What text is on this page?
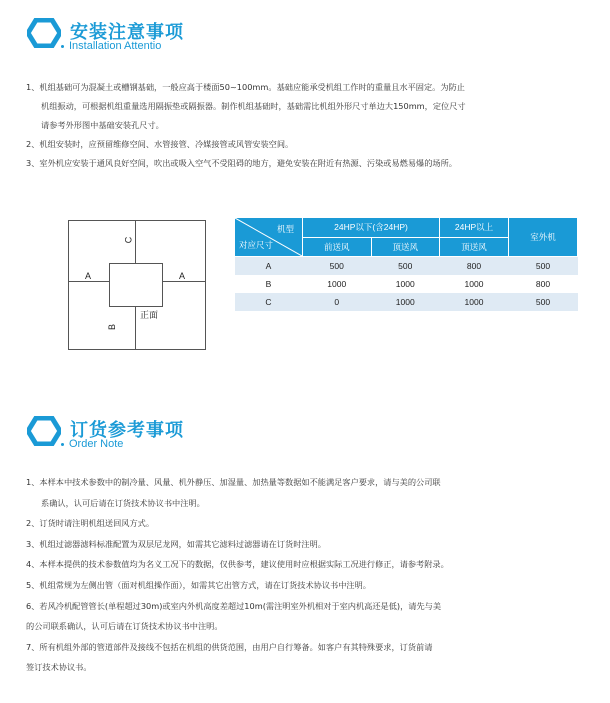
安装注意事项
Installation Attentio

1、机组基础可为混凝土或槽钢基础，一般应高于楼面50~100mm。基础应能承受机组工作时的重量且水平固定。为防止

机组振动，可根据机组重量选用隔振垫或隔振器。制作机组基础时，基础需比机组外形尺寸单边大150mm，定位尺寸

请参考外形图中基础安装孔尺寸。

2、机组安装时，应预留维修空间、水管接管、冷媒接管或风管安装空间。

3、室外机应安装于通风良好空间，吹出或吸入空气不受阻碍的地方，避免安装在附近有热源、污染或易燃易爆的场所。

A	A
C
B
正面
机型
对应尺寸	24HP以下(含24HP)		24HP以上	室外机
	前送风	顶送风	顶送风	
A	500	500	800	500
B	1000	1000	1000	800
C	0	1000	1000	500
订货参考事项
Order Note

1、本样本中技术参数中的制冷量、风量、机外静压、加湿量、加热量等数据如不能满足客户要求，请与美的公司联

系确认，认可后请在订货技术协议书中注明。

2、订货时请注明机组送回风方式。

3、机组过滤器滤料标准配置为双层尼龙网，如需其它滤料过滤器请在订货时注明。

4、本样本提供的技术参数值均为名义工况下的数据，仅供参考，建议使用时应根据实际工况进行修正，请参考附录。

5、机组常规为左侧出管（面对机组操作面），如需其它出管方式，请在订货技术协议书中注明。

6、若风冷机配管管长(单程超过30m)或室内外机高度差超过10m(需注明室外机相对于室内机高还是低)，请先与美

的公司联系确认，认可后请在订货技术协议书中注明。

7、所有机组外部的管道部件及接线不包括在机组的供货范围，由用户自行筹备。如客户有其特殊要求，订货前请

签订技术协议书。
